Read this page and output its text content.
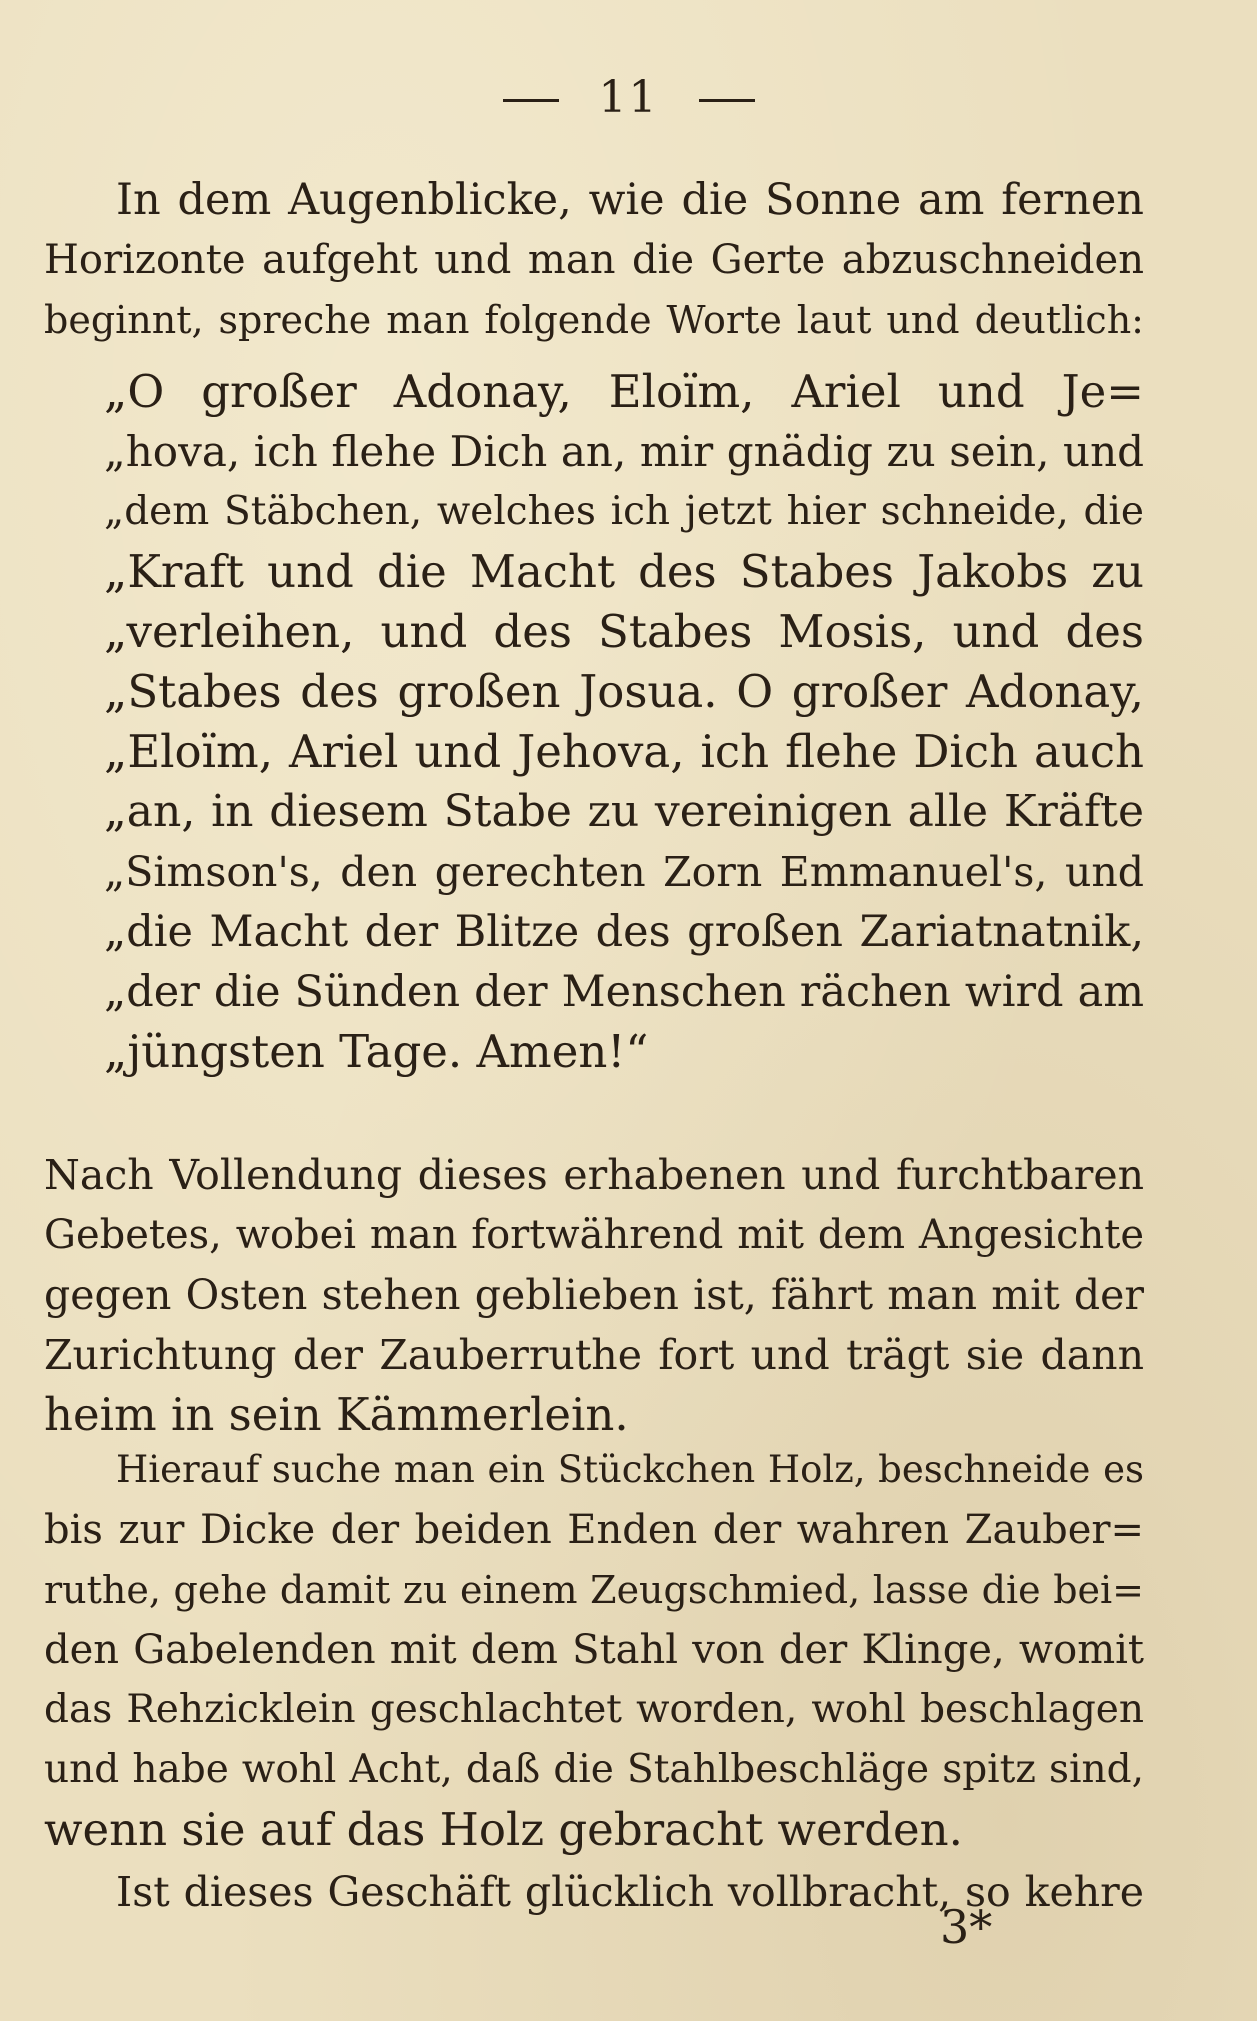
11
In dem Augenblicke, wie die Sonne am fernen
Horizonte aufgeht und man die Gerte abzuschneiden
beginnt, spreche man folgende Worte laut und deutlich:
„O großer Adonay, Eloïm, Ariel und Je=
„hova, ich flehe Dich an, mir gnädig zu sein, und
„dem Stäbchen, welches ich jetzt hier schneide, die
„Kraft und die Macht des Stabes Jakobs zu
„verleihen, und des Stabes Mosis, und des
„Stabes des großen Josua. O großer Adonay,
„Eloïm, Ariel und Jehova, ich flehe Dich auch
„an, in diesem Stabe zu vereinigen alle Kräfte
„Simson's, den gerechten Zorn Emmanuel's, und
„die Macht der Blitze des großen Zariatnatnik,
„der die Sünden der Menschen rächen wird am
„jüngsten Tage. Amen!“
Nach Vollendung dieses erhabenen und furchtbaren
Gebetes, wobei man fortwährend mit dem Angesichte
gegen Osten stehen geblieben ist, fährt man mit der
Zurichtung der Zauberruthe fort und trägt sie dann
heim in sein Kämmerlein.
Hierauf suche man ein Stückchen Holz, beschneide es
bis zur Dicke der beiden Enden der wahren Zauber=
ruthe, gehe damit zu einem Zeugschmied, lasse die bei=
den Gabelenden mit dem Stahl von der Klinge, womit
das Rehzicklein geschlachtet worden, wohl beschlagen
und habe wohl Acht, daß die Stahlbeschläge spitz sind,
wenn sie auf das Holz gebracht werden.
Ist dieses Geschäft glücklich vollbracht, so kehre
3*
